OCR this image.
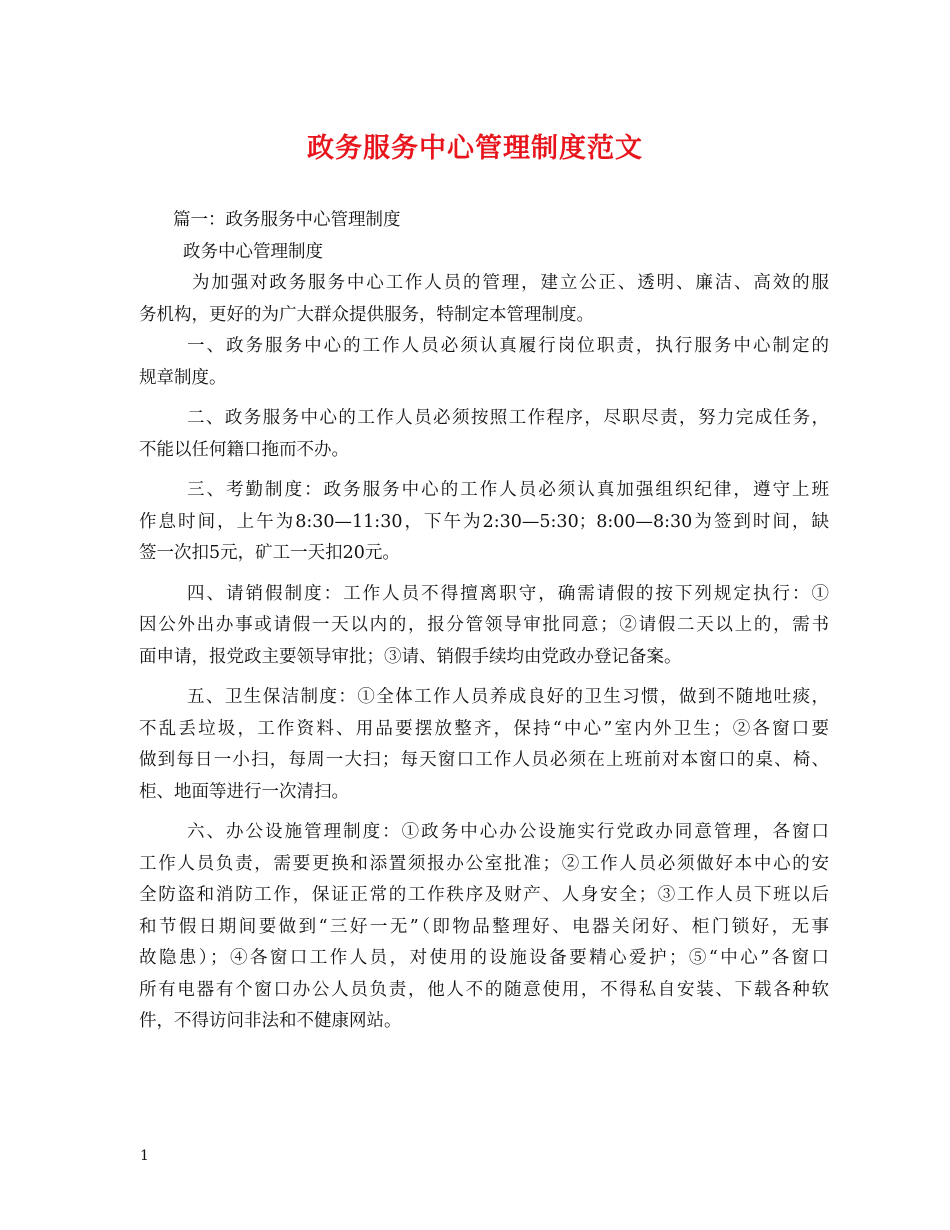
政务服务中心管理制度范文
篇一：政务服务中心管理制度
政务中心管理制度
为加强对政务服务中心工作人员的管理，建立公正、透明、廉洁、高效的服
务机构，更好的为广大群众提供服务，特制定本管理制度。
一、政务服务中心的工作人员必须认真履行岗位职责，执行服务中心制定的
规章制度。
二、政务服务中心的工作人员必须按照工作程序，尽职尽责，努力完成任务，
不能以任何籍口拖而不办。
三、考勤制度：政务服务中心的工作人员必须认真加强组织纪律，遵守上班
作息时间，上午为8:30—11:30，下午为2:30—5:30；8:00—8:30为签到时间，缺
签一次扣5元，矿工一天扣20元。
四、请销假制度：工作人员不得擅离职守，确需请假的按下列规定执行：①
因公外出办事或请假一天以内的，报分管领导审批同意；②请假二天以上的，需书
面申请，报党政主要领导审批；③请、销假手续均由党政办登记备案。
五、卫生保洁制度：①全体工作人员养成良好的卫生习惯，做到不随地吐痰，
不乱丢垃圾，工作资料、用品要摆放整齐，保持“中心”室内外卫生；②各窗口要
做到每日一小扫，每周一大扫；每天窗口工作人员必须在上班前对本窗口的桌、椅、
柜、地面等进行一次清扫。
六、办公设施管理制度：①政务中心办公设施实行党政办同意管理，各窗口
工作人员负责，需要更换和添置须报办公室批准；②工作人员必须做好本中心的安
全防盗和消防工作，保证正常的工作秩序及财产、人身安全；③工作人员下班以后
和节假日期间要做到“三好一无”（即物品整理好、电器关闭好、柜门锁好，无事
故隐患）；④各窗口工作人员，对使用的设施设备要精心爱护；⑤“中心”各窗口
所有电器有个窗口办公人员负责，他人不的随意使用，不得私自安装、下载各种软
件，不得访问非法和不健康网站。
1
